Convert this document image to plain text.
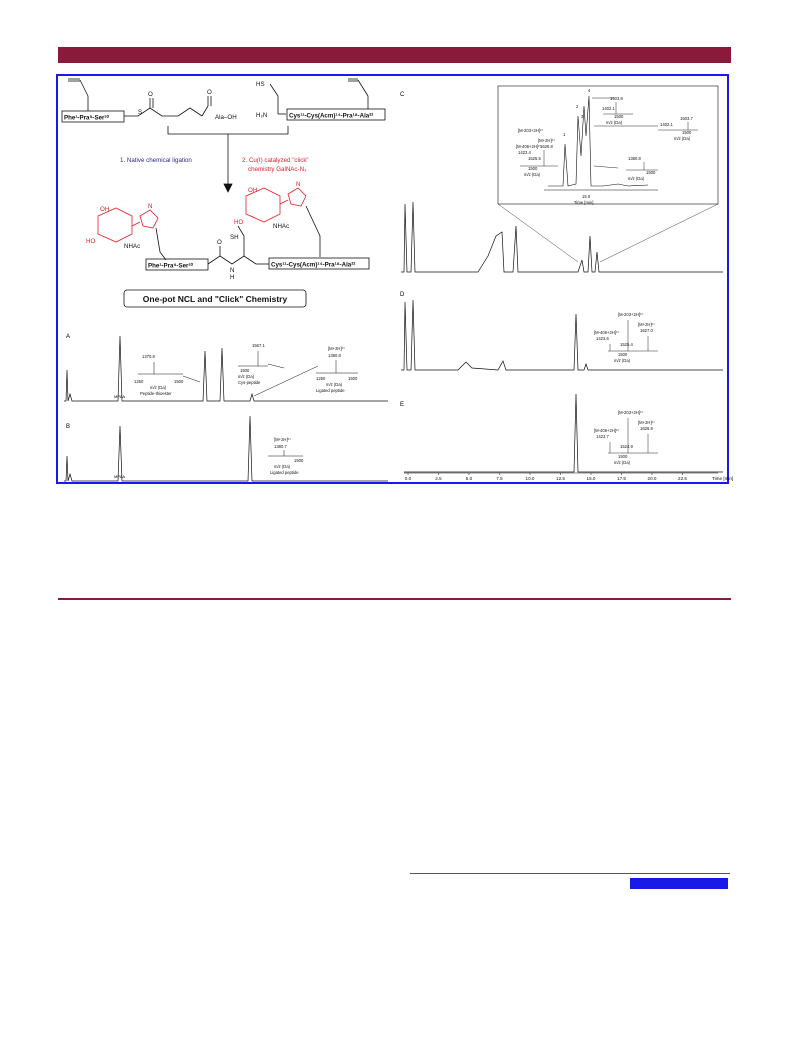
Phe¹-Pra⁹-Ser¹⁰
S
O	O
Ala–OH
HS
H₂N	Cys¹¹-Cys(Acm)¹⁴-Pra¹⁸-Ala²²
1. Native chemical ligation	2. Cu(I) catalyzed "click"
chemistry GalNAc-N₃
OH
HO
NHAc
N
OH
HO
NHAc
N
Phe¹-Pra⁹-Ser¹⁰
SH
O
N
H
Cys¹¹-Cys(Acm)¹⁴-Pra¹⁸-Ala²²
One-pot NCL and "Click" Chemistry
A
MPAA
1370.8
1250	1500
m/z (Da)
Peptide-thioester
1567.1
1500
m/z (Da)
Cys-peptide
[M+2H]²⁺
1380.8
1250	1500
m/z (Da)
Ligated peptide
B
MPAA
[M+2H]²⁺
1380.7
1500
m/z (Da)
Ligated peptide
C
1
2
3
4
1503.8
1402.1
1500
m/z (Da)
1503.7
1402.1
1500
m/z (Da)
[M-203+2H]²⁺
[M+2H]²⁺
1626.8
[M-406+2H]²⁺
1423.4
1525.5
1500
m/z (Da)
1380.8
1500
m/z (Da)
15.0
Time [min]
D
[M-203+2H]²⁺
[M+2H]²⁺
1627.0
[M-406+2H]²⁺
1423.6
1525.4
1500
m/z (Da)
E
[M-203+2H]²⁺
[M+2H]²⁺
1626.9
[M-406+2H]²⁺
1423.7
1524.9
1500
m/z (Da)
0.0	2.5	5.0	7.5	10.0	12.5	15.0	17.5	20.0	22.5	Time [min]
